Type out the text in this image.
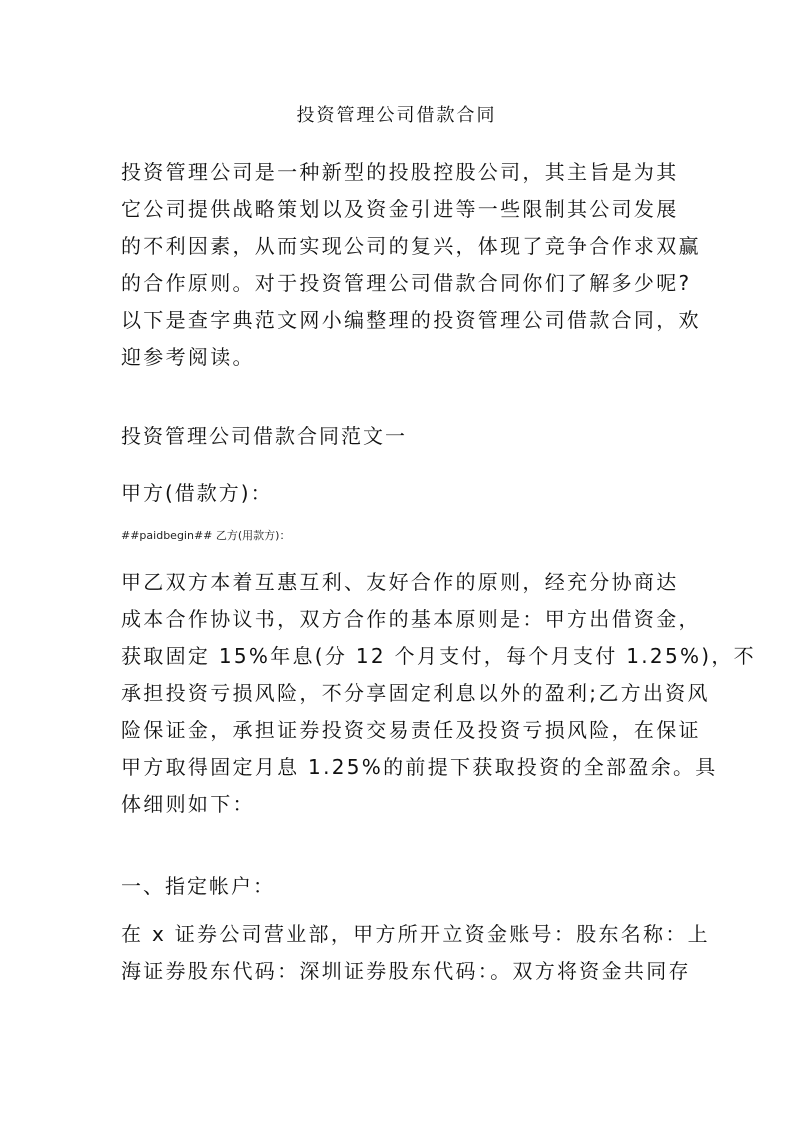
投资管理公司借款合同
投资管理公司是一种新型的投股控股公司，其主旨是为其
它公司提供战略策划以及资金引进等一些限制其公司发展
的不利因素，从而实现公司的复兴，体现了竞争合作求双赢
的合作原则。对于投资管理公司借款合同你们了解多少呢?
以下是查字典范文网小编整理的投资管理公司借款合同，欢
迎参考阅读。
投资管理公司借款合同范文一
甲方(借款方)：
##paidbegin## 乙方(用款方)：
甲乙双方本着互惠互利、友好合作的原则，经充分协商达
成本合作协议书，双方合作的基本原则是：甲方出借资金，
获取固定 15%年息(分 12 个月支付，每个月支付 1.25%)，不
承担投资亏损风险，不分享固定利息以外的盈利;乙方出资风
险保证金，承担证券投资交易责任及投资亏损风险，在保证
甲方取得固定月息 1.25%的前提下获取投资的全部盈余。具
体细则如下：
一、指定帐户：
在 x 证券公司营业部，甲方所开立资金账号：股东名称：上
海证券股东代码：深圳证券股东代码：。双方将资金共同存
